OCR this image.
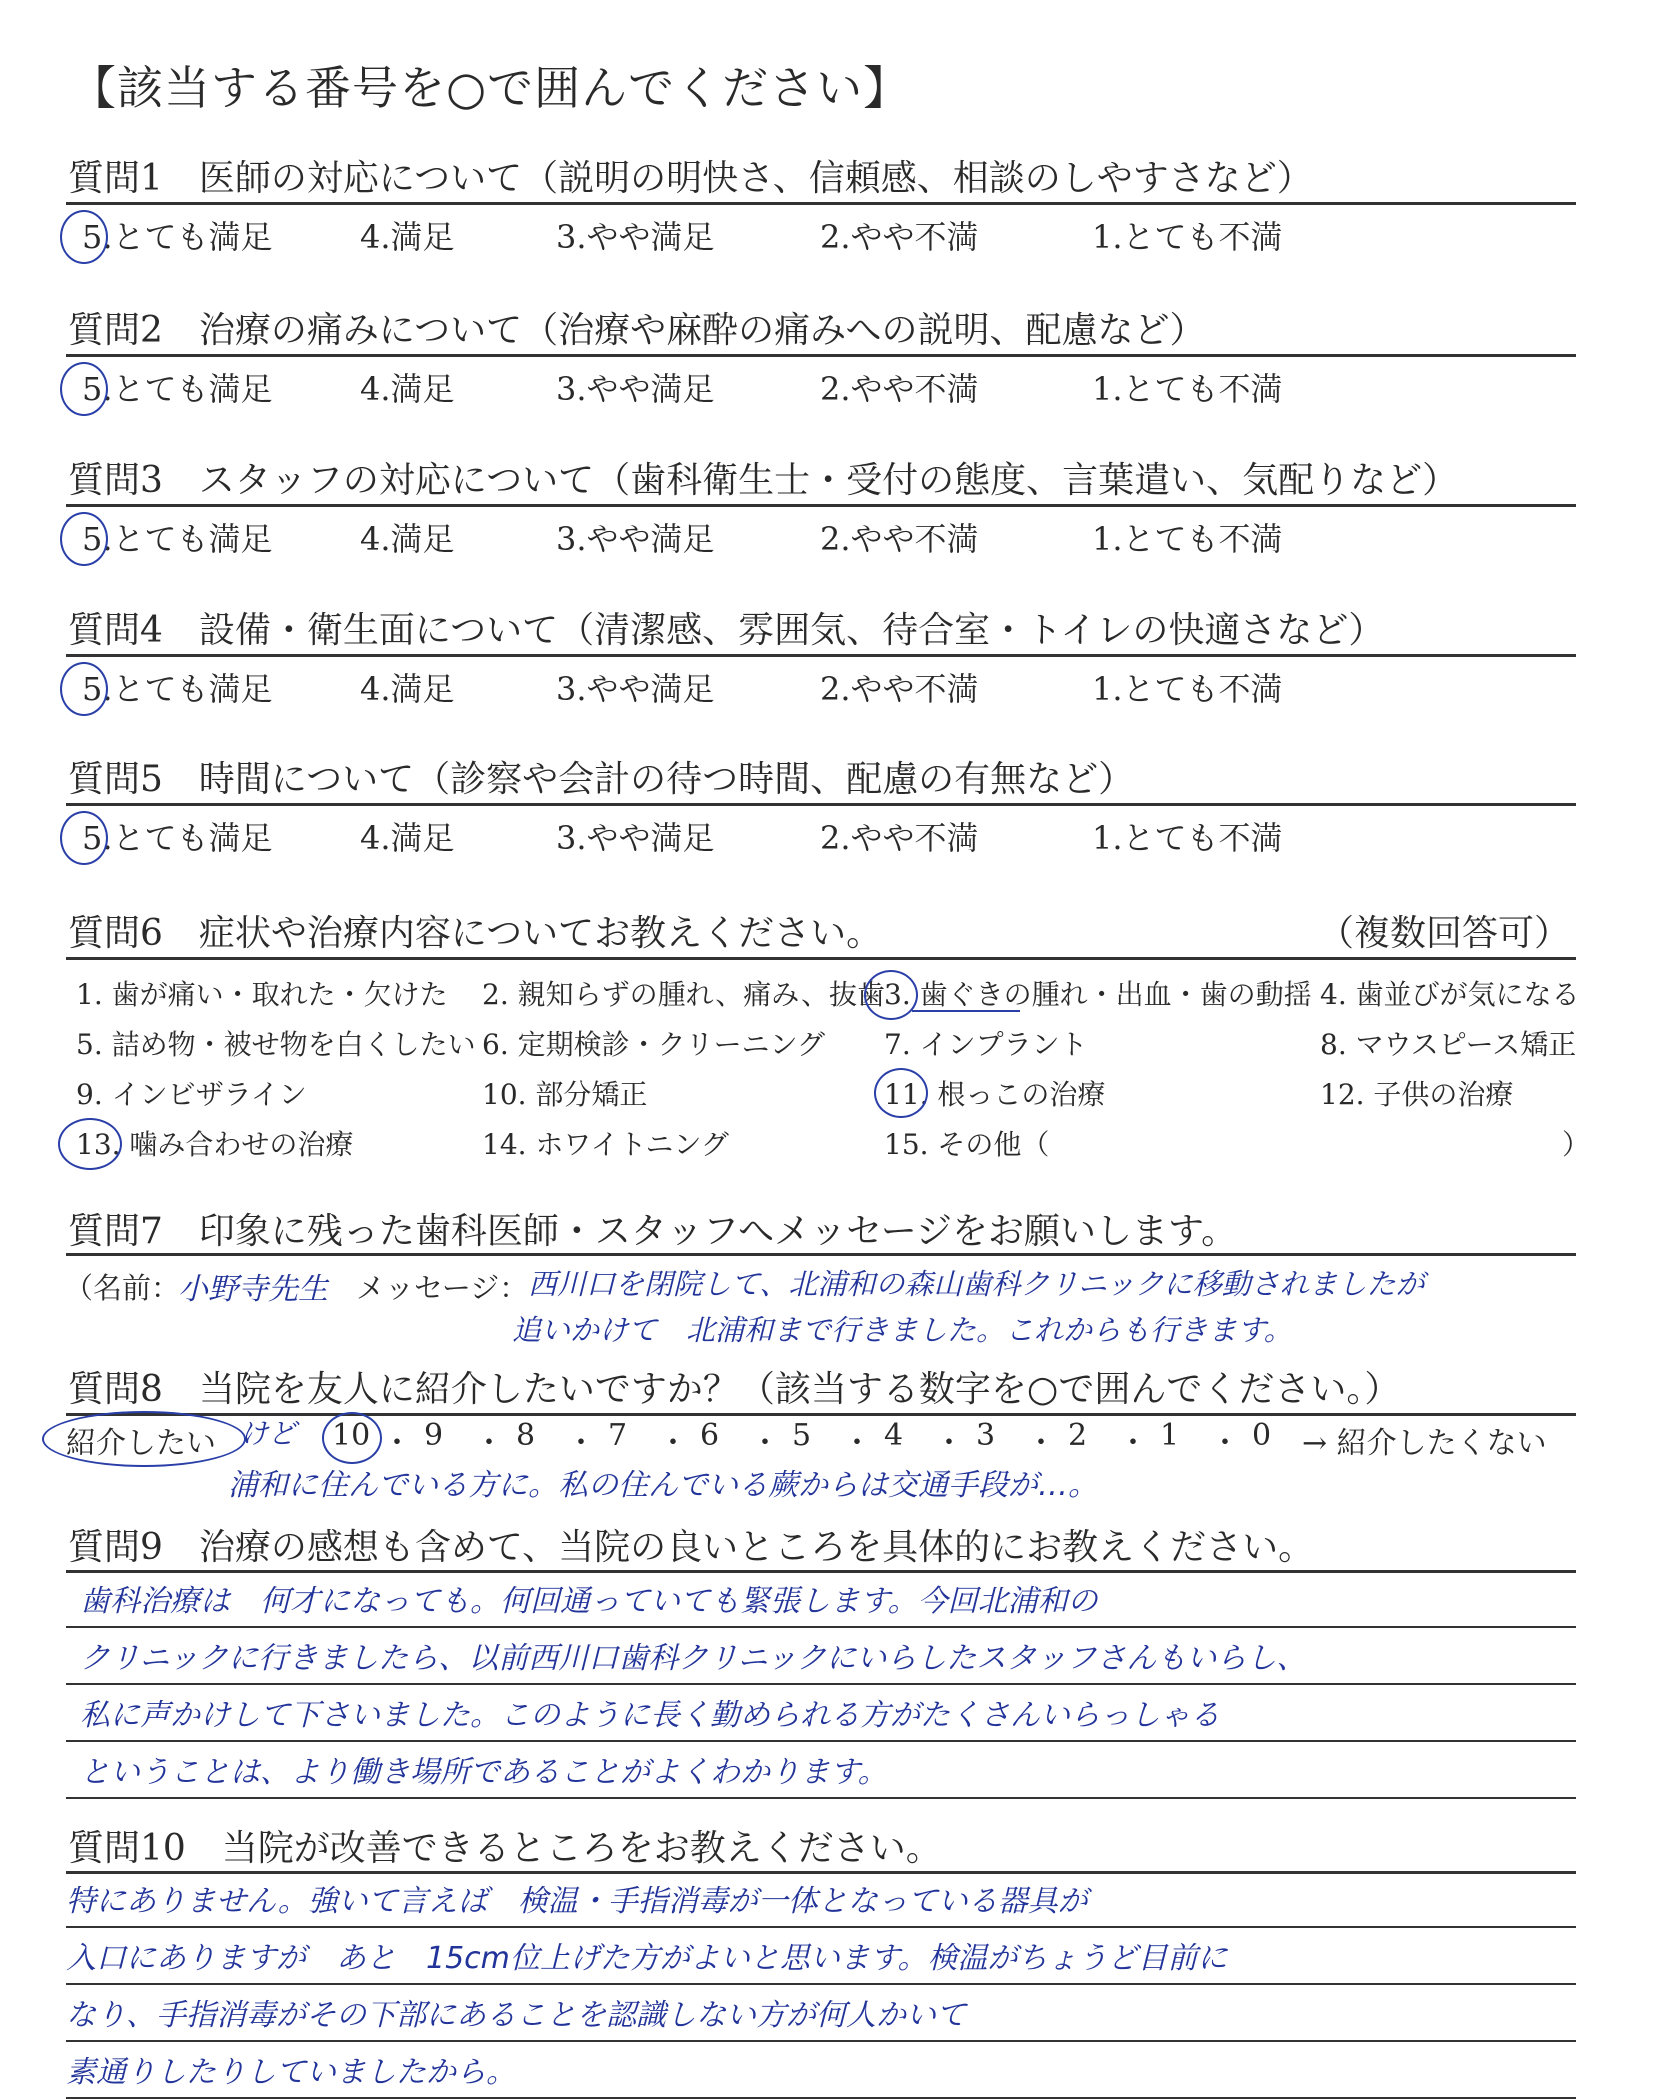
【該当する番号を○で囲んでください】
質問6　症状や治療内容についてお教えください。	（複数回答可）
質問7　印象に残った歯科医師・スタッフへメッセージをお願いします。
（名前：
小野寺先生 メッセージ： 西川口を閉院して、北浦和の森山歯科クリニックに移動されましたが
追いかけて　北浦和まで行きました。これからも行きます。
質問8　当院を友人に紹介したいですか？（該当する数字を○で囲んでください。）
紹介したい けど	→ 紹介したくない
浦和に住んでいる方に。私の住んでいる蕨からは交通手段が…。
質問9　治療の感想も含めて、当院の良いところを具体的にお教えください。
質問10　当院が改善できるところをお教えください。
質問1　医師の対応について（説明の明快さ、信頼感、相談のしやすさなど）
5.とても満足	4.満足	3.やや満足	2.やや不満	1.とても不満
質問2　治療の痛みについて（治療や麻酔の痛みへの説明、配慮など）
5.とても満足	4.満足	3.やや満足	2.やや不満	1.とても不満
質問3　スタッフの対応について（歯科衛生士・受付の態度、言葉遣い、気配りなど）
5.とても満足	4.満足	3.やや満足	2.やや不満	1.とても不満
質問4　設備・衛生面について（清潔感、雰囲気、待合室・トイレの快適さなど）
5.とても満足	4.満足	3.やや満足	2.やや不満	1.とても不満
質問5　時間について（診察や会計の待つ時間、配慮の有無など）
5.とても満足	4.満足	3.やや満足	2.やや不満	1.とても不満
1. 歯が痛い・取れた・欠けた 2. 親知らずの腫れ、痛み、抜歯 3. 歯ぐきの腫れ・出血・歯の動揺 4. 歯並びが気になる
5. 詰め物・被せ物を白くしたい 6. 定期検診・クリーニング 7. インプラント	8. マウスピース矯正
9. インビザライン	10. 部分矯正	11. 根っこの治療	12. 子供の治療
13. 噛み合わせの治療	14. ホワイトニング	15. その他（	）
10 ・ 9 ・ 8 ・ 7 ・ 6 ・ 5 ・ 4 ・ 3 ・ 2 ・ 1 ・ 0
歯科治療は　何才になっても。何回通っていても緊張します。今回北浦和の
クリニックに行きましたら、以前西川口歯科クリニックにいらしたスタッフさんもいらし、
私に声かけして下さいました。このように長く勤められる方がたくさんいらっしゃる
ということは、より働き場所であることがよくわかります。
特にありません。強いて言えば　検温・手指消毒が一体となっている器具が
入口にありますが　あと　15cm位上げた方がよいと思います。検温がちょうど目前に
なり、手指消毒がその下部にあることを認識しない方が何人かいて
素通りしたりしていましたから。
